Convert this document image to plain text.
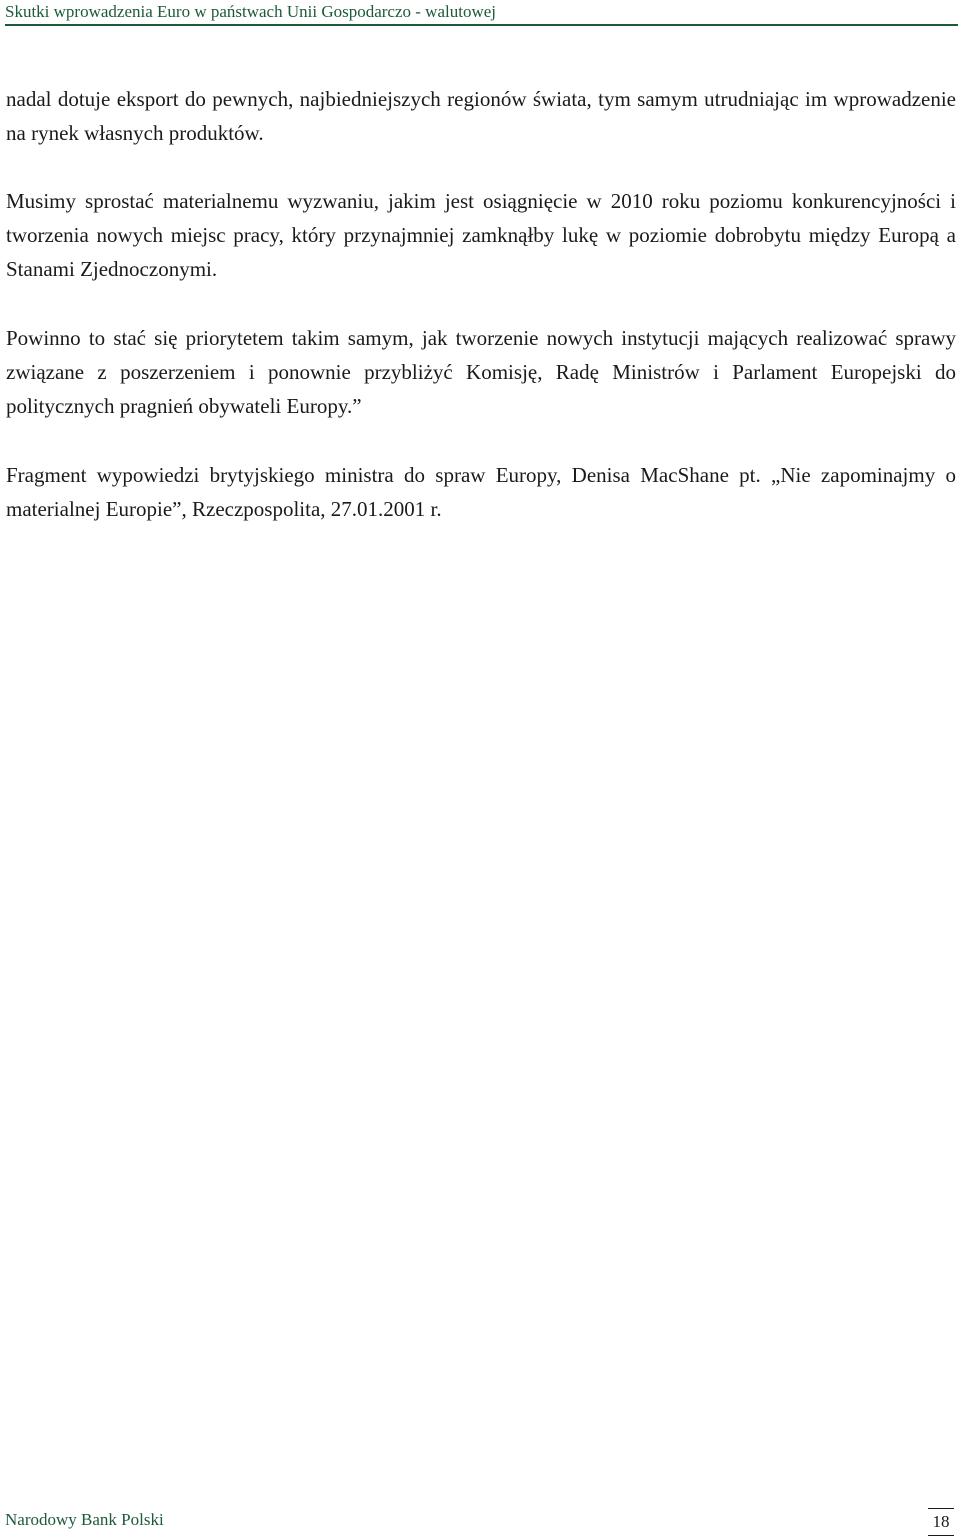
Skutki wprowadzenia Euro w państwach Unii Gospodarczo - walutowej

nadal dotuje eksport do pewnych, najbiedniejszych regionów świata, tym samym utrudniając im wprowadzenie na rynek własnych produktów.

Musimy sprostać materialnemu wyzwaniu, jakim jest osiągnięcie w 2010 roku poziomu konkurencyjności i tworzenia nowych miejsc pracy, który przynajmniej zamknąłby lukę w poziomie dobrobytu między Europą a Stanami Zjednoczonymi.

Powinno to stać się priorytetem takim samym, jak tworzenie nowych instytucji mających realizować sprawy związane z poszerzeniem i ponownie przybliżyć Komisję, Radę Ministrów i Parlament Europejski do politycznych pragnień obywateli Europy.”

Fragment wypowiedzi brytyjskiego ministra do spraw Europy, Denisa MacShane pt. „Nie zapominajmy o materialnej Europie”, Rzeczpospolita, 27.01.2001 r.

Narodowy Bank Polski	18
